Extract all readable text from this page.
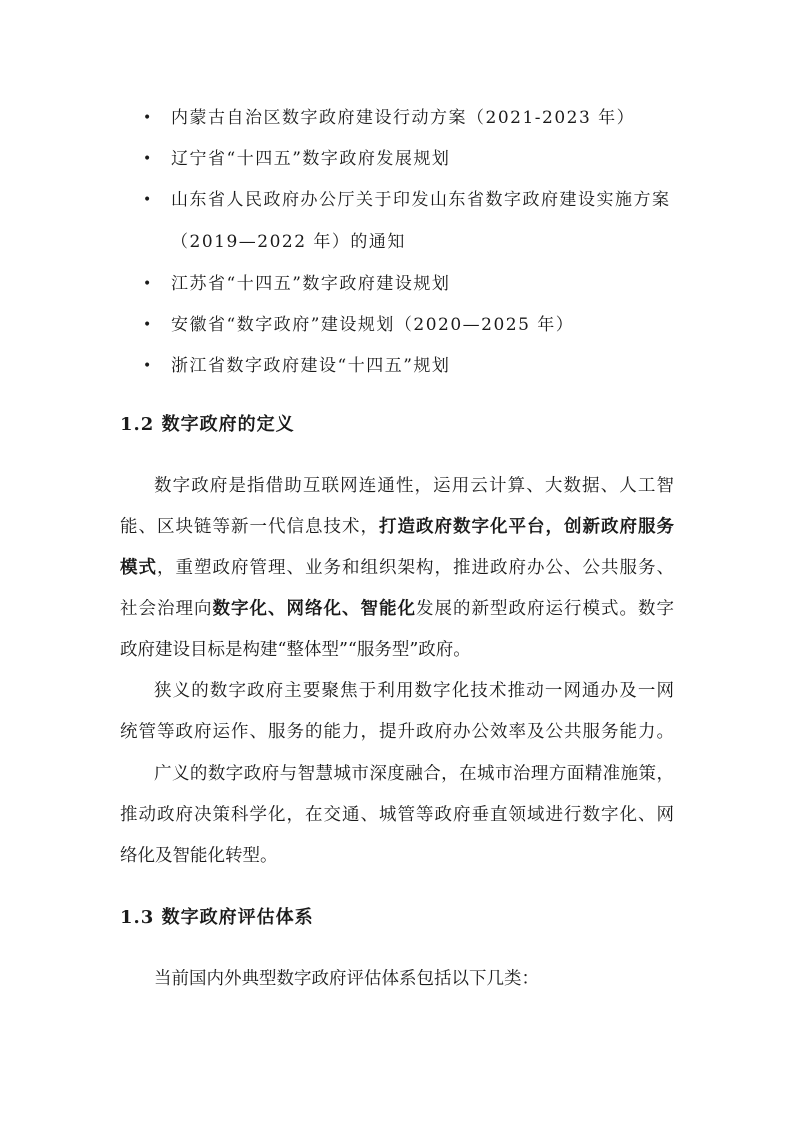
• 内蒙古自治区数字政府建设行动方案（2021-2023 年）
• 辽宁省“十四五”数字政府发展规划
• 山东省人民政府办公厅关于印发山东省数字政府建设实施方案
（2019—2022 年）的通知
• 江苏省“十四五”数字政府建设规划
• 安徽省“数字政府”建设规划（2020—2025 年）
• 浙江省数字政府建设“十四五”规划
1.2 数字政府的定义
数字政府是指借助互联网连通性，运用云计算、大数据、人工智
能、区块链等新一代信息技术，打造政府数字化平台，创新政府服务
模式，重塑政府管理、业务和组织架构，推进政府办公、公共服务、
社会治理向数字化、网络化、智能化发展的新型政府运行模式。数字
政府建设目标是构建“整体型”“服务型”政府。
狭义的数字政府主要聚焦于利用数字化技术推动一网通办及一网
统管等政府运作、服务的能力，提升政府办公效率及公共服务能力。
广义的数字政府与智慧城市深度融合，在城市治理方面精准施策，
推动政府决策科学化，在交通、城管等政府垂直领域进行数字化、网
络化及智能化转型。
1.3 数字政府评估体系
当前国内外典型数字政府评估体系包括以下几类：
